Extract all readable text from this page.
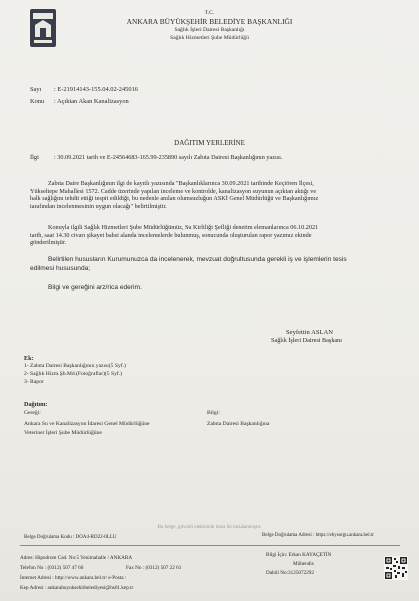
T.C.
ANKARA BÜYÜKŞEHİR BELEDİYE BAŞKANLIĞI
Sağlık İşleri Dairesi Başkanlığı
Sağlık Hizmetleri Şube Müdürlüğü
Sayı : E-21914143-155.04.02-245016
Konu : Açıktan Akan Kanalizasyon
DAĞITIM YERLERİNE
İlgi : 30.09.2021 tarih ve E-24564683-165.99-235890 sayılı Zabıta Dairesi Başkanlığının yazısı.
Zabıta Daire Başkanlığının ilgi de kayıtlı yazısında "Başkanlıklarınca 30.09.2021 tarihinde Keçiören İlçesi,
Yükseltepe Mahallesi 1572. Cadde üzerinde yapılan inceleme ve kontrolde, kanalizasyon suyunun açıktan aktığı ve
halk sağlığını tehdit ettiği tespit edildiği, bu nedenle anılan olumsuzluğun ASKİ Genel Müdürlüğü ve Başkanlığımız
tarafından incelenmesinin uygun olacağı" belirtilmiştir.
Konuyla ilgili Sağlık Hizmetleri Şube Müdürlüğümüz, Su Kirliliği Şefliği denetim elemanlarınca 06.10.2021
tarih, saat 14.30 civarı şikayet bahsi alanda incelemelerde bulunmuş, sonucunda oluşturulan rapor yazımız ekinde
gönderilmiştir.
Belirtilen hususların Kurumunuzca da incelenerek, mevzuat doğrultusunda gerekli iş ve işlemlerin tesis
edilmesi hususunda;
Bilgi ve gereğini arz/rica ederim.
Seyfettin ASLAN
Sağlık İşleri Dairesi Başkanı
Ek:
1- Zabıta Dairesi Başkanlığının yazısı(5 Syf.)
2- Sağlık Hizm.Şb.Md.(Fotoğraflar)(5 Syf.)
3- Rapor
Dağıtım:
Gereği:
Ankara Su ve Kanalizasyon İdaresi Genel Müdürlüğüne
Veteriner İşleri Şube Müdürlüğüne
Bilgi:
Zabıta Dairesi Başkanlığına
Bu belge, güvenli elektronik imza ile imzalanmıştır.
Belge Doğrulama Kodu : DOA4-RD22-0LLU	Belge Doğrulama Adresi : https://ebysorgu.ankara.bel.tr
Adres: Hipodrom Cad. No:5 Yenimahalle / ANKARA
Telefon No : (0312) 507 47 60	Fax No : (0312) 507 22 61
İnternet Adresi : http://www.ankara.bel.tr/ e-Posta :
Kep Adresi : ankarabuyuksehirbelediyesi@hs01.kep.tr
Bilgi İçin: Erkan KAYAÇETİN
Mühendis
Dahili No:3125072292
